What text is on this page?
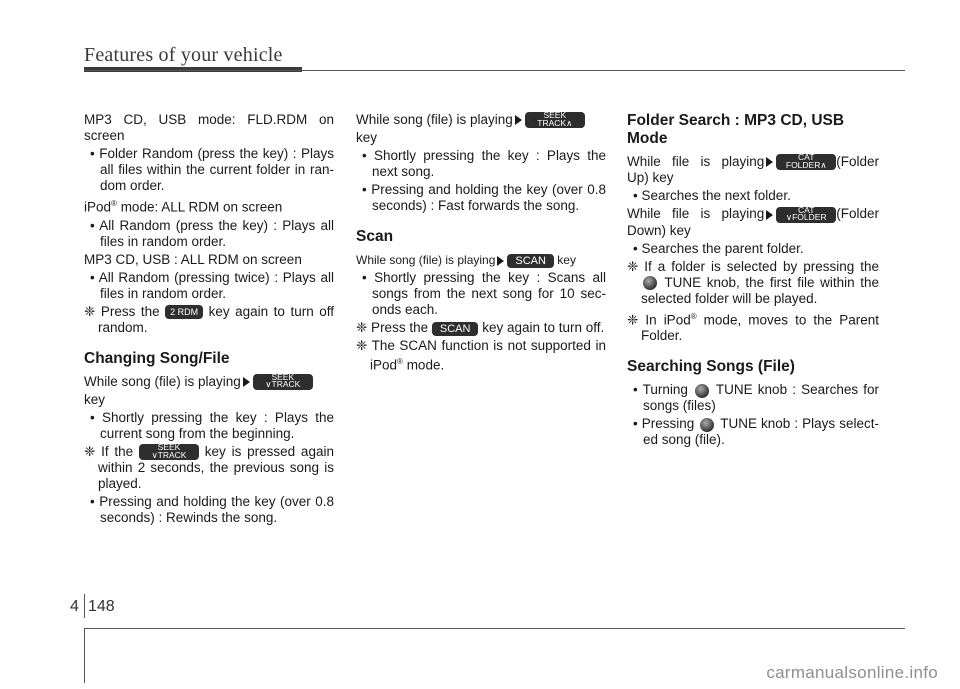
Features of your vehicle

MP3 CD, USB mode: FLD.RDM on screen

• Folder Random (press the key) : Plays all files within the current folder in ran-dom order.

iPod® mode: ALL RDM on screen

• All Random (press the key) : Plays all files in random order.

MP3 CD, USB : ALL RDM on screen

• All Random (pressing twice) : Plays all files in random order.

❈ Press the 2 RDM key again to turn off random.

Changing Song/File

While song (file) is playing	SEEK
∨TRACK

key

• Shortly pressing the key : Plays the current song from the beginning.

❈ If the	SEEK
∨TRACK key is pressed again within 2 seconds, the previous song is played.

• Pressing and holding the key (over 0.8 seconds) : Rewinds the song.

While song (file) is playing	SEEK
TRACK∧

key

• Shortly pressing the key : Plays the next song.

• Pressing and holding the key (over 0.8 seconds) : Fast forwards the song.

Scan

While song (file) is playing SCAN key

• Shortly pressing the key : Scans all songs from the next song for 10 sec-onds each.

❈ Press the SCAN key again to turn off.

❈ The SCAN function is not supported in iPod® mode.

Folder Search : MP3 CD, USB Mode

While file is playing	CAT
FOLDER∧ (Folder Up) key

• Searches the next folder.

While file is playing	CAT
∨FOLDER (Folder Down) key

• Searches the parent folder.

❈ If a folder is selected by pressing the  TUNE knob, the first file within the selected folder will be played.

❈ In iPod® mode, moves to the Parent Folder.

Searching Songs (File)

• Turning TUNE knob : Searches for songs (files)

• Pressing TUNE knob : Plays select-ed song (file).

4 148
carmanualsonline.info
